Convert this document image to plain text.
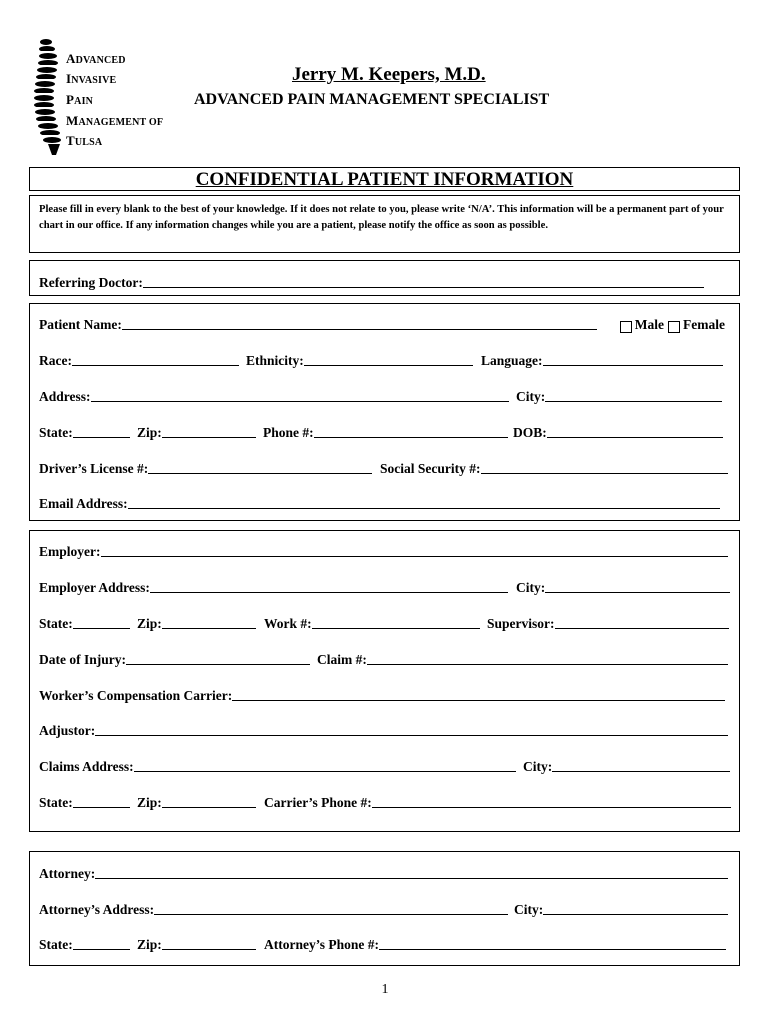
ADVANCED
INVASIVE
PAIN
MANAGEMENT OF
TULSA
Jerry M. Keepers, M.D.
ADVANCED PAIN MANAGEMENT SPECIALIST
CONFIDENTIAL PATIENT INFORMATION
Please fill in every blank to the best of your knowledge. If it does not relate to you, please write ‘N/A’. This information will be a permanent part of your chart in our office. If any information changes while you are a patient, please notify the office as soon as possible.
Referring Doctor:
Patient Name:	Male Female
Race:	Ethnicity:	Language:
Address:	City:
State:	Zip:	Phone #:	DOB:
Driver’s License #:	Social Security #:
Email Address:
Employer:
Employer Address:	City:
State:	Zip:	Work #:	Supervisor:
Date of Injury:	Claim #:
Worker’s Compensation Carrier:
Adjustor:
Claims Address:	City:
State:	Zip:	Carrier’s Phone #:
Attorney:
Attorney’s Address:	City:
State:	Zip:	Attorney’s Phone #:
1
